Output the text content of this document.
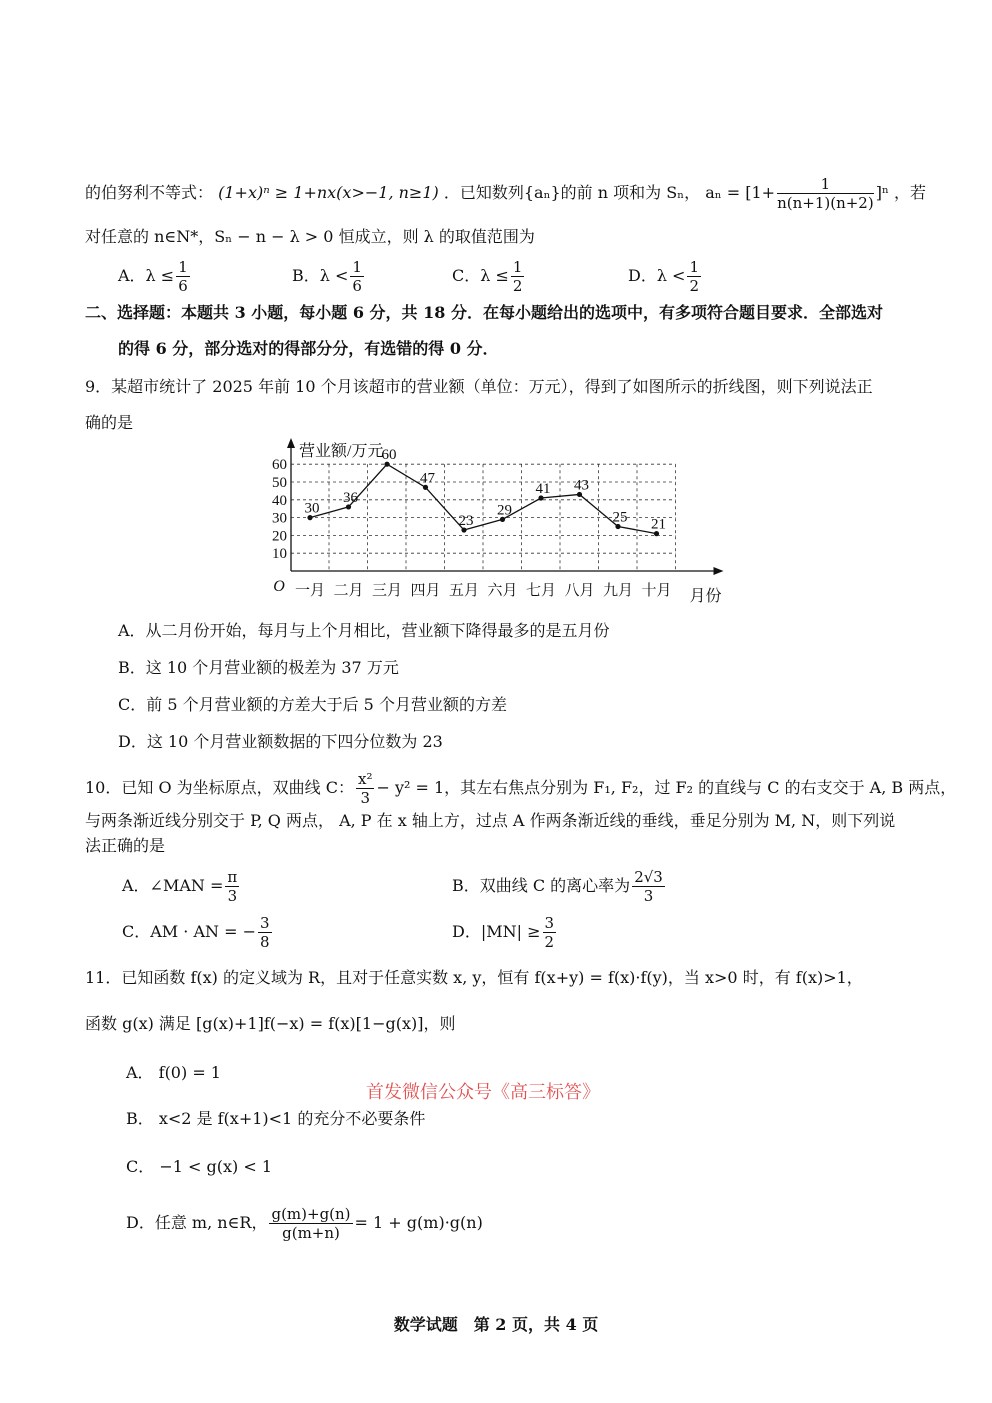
的伯努利不等式： (1+x)ⁿ ≥ 1+nx(x>−1, n≥1) ．已知数列{aₙ}的前 n 项和为 Sₙ， $a_n = [1+ \frac{1}{n(n+1)(n+2)} ]^n$ ，若
对任意的 n∈N*，Sₙ − n − λ > 0 恒成立，则 λ 的取值范围为
A．$\lambda \le \frac{1}{6}$	B．$\lambda < \frac{1}{6}$	C．$\lambda \le \frac{1}{2}$	D．$\lambda < \frac{1}{2}$
二、选择题：本题共 3 小题，每小题 6 分，共 18 分．在每小题给出的选项中，有多项符合题目要求．全部选对
的得 6 分，部分选对的得部分分，有选错的得 0 分．
9．某超市统计了 2025 年前 10 个月该超市的营业额（单位：万元），得到了如图所示的折线图，则下列说法正
确的是
营业额/万元
月份
O
10
20
30
40
50
60
一月 二月 三月 四月 五月 六月 七月 八月 九月 十月
30
36
60
47
23
29
41 43
25 21
A．从二月份开始，每月与上个月相比，营业额下降得最多的是五月份
B．这 10 个月营业额的极差为 37 万元
C．前 5 个月营业额的方差大于后 5 个月营业额的方差
D．这 10 个月营业额数据的下四分位数为 23
10．已知 O 为坐标原点，双曲线 C： $\frac{\text{x²}}{3} - y^2 = 1$，其左右焦点分别为 F₁, F₂，过 F₂ 的直线与 C 的右支交于 A, B 两点，
与两条渐近线分别交于 P, Q 两点， A, P 在 x 轴上方，过点 A 作两条渐近线的垂线，垂足分别为 M, N，则下列说
法正确的是
A．∠MAN = $\frac{\pi}{3}$	B．双曲线 C 的离心率为 $\frac{2√3}{3}$
C．AM · AN = − $\frac{3}{8}$	D．$|MN| \ge \frac{3}{2}$
11．已知函数 f(x) 的定义域为 R，且对于任意实数 x, y，恒有 f(x+y) = f(x)·f(y)，当 x>0 时，有 f(x)>1，
函数 g(x) 满足 [g(x)+1]f(−x) = f(x)[1−g(x)]，则
A． f(0) = 1
首发微信公众号《高三标答》
B． x<2 是 f(x+1)<1 的充分不必要条件
C． −1 < g(x) < 1
D．任意 m, n∈R， $\frac{g(m)+g(n)}{g(m+n)} = 1 + g(m)\cdot g(n)$
数学试题　第 2 页，共 4 页
